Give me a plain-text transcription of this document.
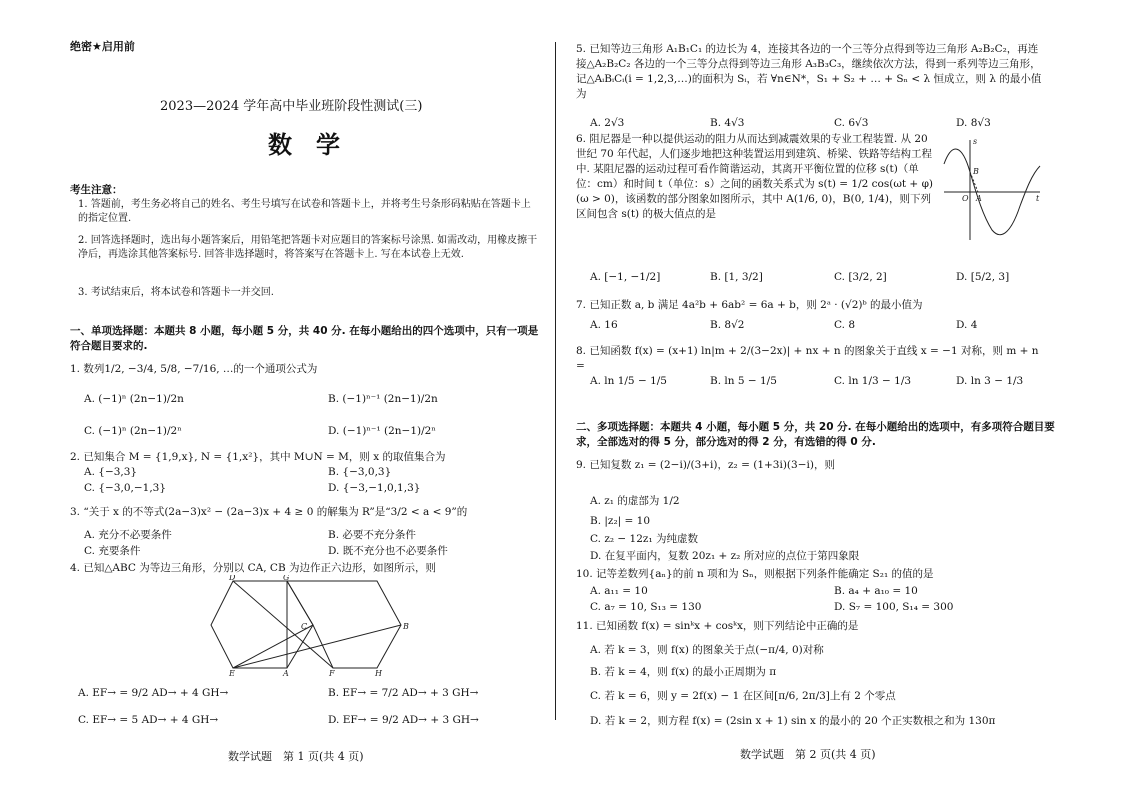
绝密★启用前
2023—2024 学年高中毕业班阶段性测试(三)
数学
考生注意：
1. 答题前，考生务必将自己的姓名、考生号填写在试卷和答题卡上，并将考生号条形码粘贴在答题卡上的指定位置.
2. 回答选择题时，选出每小题答案后，用铅笔把答题卡对应题目的答案标号涂黑. 如需改动，用橡皮擦干净后，再选涂其他答案标号. 回答非选择题时，将答案写在答题卡上. 写在本试卷上无效.
3. 考试结束后，将本试卷和答题卡一并交回.
一、单项选择题：本题共 8 小题，每小题 5 分，共 40 分. 在每小题给出的四个选项中，只有一项是符合题目要求的.
1. 数列1/2, −3/4, 5/8, −7/16, …的一个通项公式为
A. (−1)ⁿ (2n−1)/2n	B. (−1)ⁿ⁻¹ (2n−1)/2n
C. (−1)ⁿ (2n−1)/2ⁿ	D. (−1)ⁿ⁻¹ (2n−1)/2ⁿ
2. 已知集合 M = {1,9,x}, N = {1,x²}，其中 M∪N = M，则 x 的取值集合为
A. {−3,3}	B. {−3,0,3}
C. {−3,0,−1,3}	D. {−3,−1,0,1,3}
3. “关于 x 的不等式(2a−3)x² − (2a−3)x + 4 ≥ 0 的解集为 R”是“3/2 < a < 9”的
A. 充分不必要条件	B. 必要不充分条件
C. 充要条件	D. 既不充分也不必要条件
4. 已知△ABC 为等边三角形，分别以 CA, CB 为边作正六边形，如图所示，则
D	G
C	B
E	A	F	H
A. EF→ = 9/2 AD→ + 4 GH→	B. EF→ = 7/2 AD→ + 3 GH→
C. EF→ = 5 AD→ + 4 GH→	D. EF→ = 9/2 AD→ + 3 GH→
数学试题　第 1 页(共 4 页)
5. 已知等边三角形 A₁B₁C₁ 的边长为 4，连接其各边的一个三等分点得到等边三角形 A₂B₂C₂，再连接△A₂B₂C₂ 各边的一个三等分点得到等边三角形 A₃B₃C₃，继续依次方法，得到一系列等边三角形，记△AᵢBᵢCᵢ(i = 1,2,3,…)的面积为 Sᵢ，若 ∀n∈N*，S₁ + S₂ + … + Sₙ < λ 恒成立，则 λ 的最小值为
A. 2√3	B. 4√3	C. 6√3	D. 8√3
6. 阻尼器是一种以提供运动的阻力从而达到减震效果的专业工程装置. 从 20 世纪 70 年代起，人们逐步地把这种装置运用到建筑、桥梁、铁路等结构工程中. 某阻尼器的运动过程可看作简谐运动，其离开平衡位置的位移 s(t)（单位：cm）和时间 t（单位：s）之间的函数关系式为 s(t) = 1/2 cos(ωt + φ)(ω > 0)，该函数的部分图象如图所示，其中 A(1/6, 0)，B(0, 1/4)，则下列区间包含 s(t) 的极大值点的是
s
B
O A	t
A. [−1, −1/2]	B. [1, 3/2]	C. [3/2, 2]	D. [5/2, 3]
7. 已知正数 a, b 满足 4a²b + 6ab² = 6a + b，则 2ᵃ · (√2)ᵇ 的最小值为
A. 16	B. 8√2	C. 8	D. 4
8. 已知函数 f(x) = (x+1) ln|m + 2/(3−2x)| + nx + n 的图象关于直线 x = −1 对称，则 m + n =
A. ln 1/5 − 1/5	B. ln 5 − 1/5	C. ln 1/3 − 1/3	D. ln 3 − 1/3
二、多项选择题：本题共 4 小题，每小题 5 分，共 20 分. 在每小题给出的选项中，有多项符合题目要求，全部选对的得 5 分，部分选对的得 2 分，有选错的得 0 分.
9. 已知复数 z₁ = (2−i)/(3+i)，z₂ = (1+3i)(3−i)，则
A. z₁ 的虚部为 1/2
B. |z₂| = 10
C. z₂ − 12z₁ 为纯虚数
D. 在复平面内，复数 20z₁ + z₂ 所对应的点位于第四象限
10. 记等差数列{aₙ}的前 n 项和为 Sₙ，则根据下列条件能确定 S₂₁ 的值的是
A. a₁₁ = 10	B. a₄ + a₁₀ = 10
C. a₇ = 10, S₁₃ = 130	D. S₇ = 100, S₁₄ = 300
11. 已知函数 f(x) = sinᵏx + cosᵏx，则下列结论中正确的是
A. 若 k = 3，则 f(x) 的图象关于点(−π/4, 0)对称
B. 若 k = 4，则 f(x) 的最小正周期为 π
C. 若 k = 6，则 y = 2f(x) − 1 在区间[π/6, 2π/3]上有 2 个零点
D. 若 k = 2，则方程 f(x) = (2sin x + 1) sin x 的最小的 20 个正实数根之和为 130π
数学试题　第 2 页(共 4 页)
